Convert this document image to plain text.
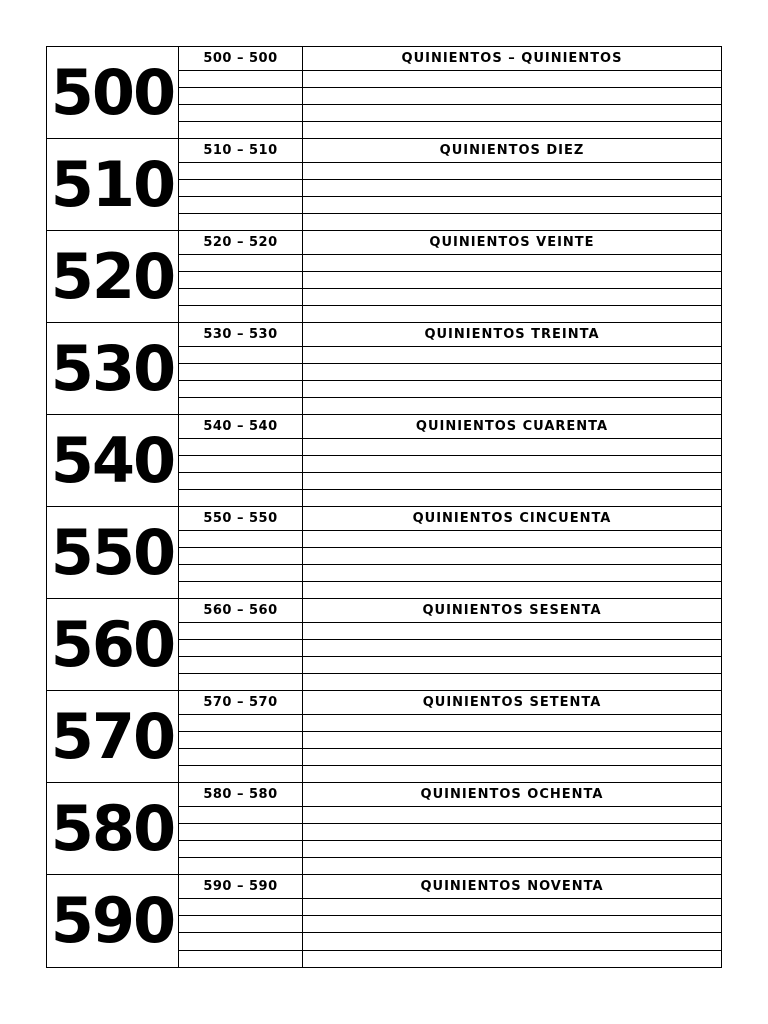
500	500 – 500	QUINIENTOS – QUINIENTOS
510	510 – 510	QUINIENTOS DIEZ
520	520 – 520	QUINIENTOS VEINTE
530	530 – 530	QUINIENTOS TREINTA
540	540 – 540	QUINIENTOS CUARENTA
550	550 – 550	QUINIENTOS CINCUENTA
560	560 – 560	QUINIENTOS SESENTA
570	570 – 570	QUINIENTOS SETENTA
580	580 – 580	QUINIENTOS OCHENTA
590	590 – 590	QUINIENTOS NOVENTA
